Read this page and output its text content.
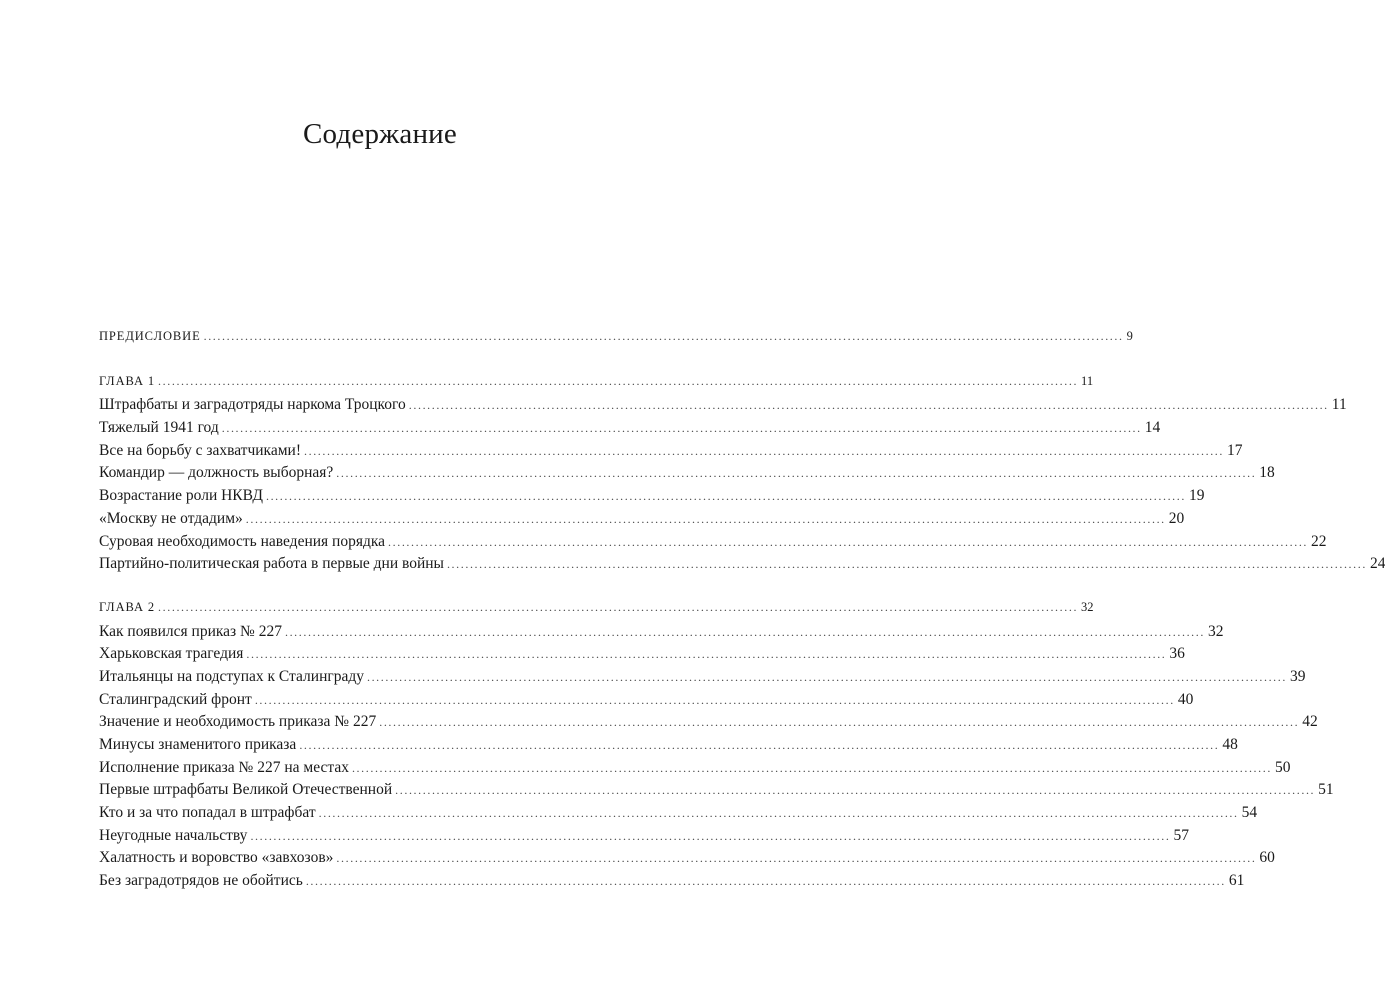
Содержание
ПРЕДИСЛОВИЕ ........................................................................................................................................................................................................ 9
ГЛАВА 1 ........................................................................................................................................................................................................ 11
Штрафбаты и заградотряды наркома Троцкого ........................................................................................................................................................................................................ 11
Тяжелый 1941 год ........................................................................................................................................................................................................ 14
Все на борьбу с захватчиками! ........................................................................................................................................................................................................ 17
Командир — должность выборная? ........................................................................................................................................................................................................ 18
Возрастание роли НКВД ........................................................................................................................................................................................................ 19
«Москву не отдадим» ........................................................................................................................................................................................................ 20
Суровая необходимость наведения порядка ........................................................................................................................................................................................................ 22
Партийно-политическая работа в первые дни войны ........................................................................................................................................................................................................ 24
ГЛАВА 2 ........................................................................................................................................................................................................ 32
Как появился приказ № 227 ........................................................................................................................................................................................................ 32
Харьковская трагедия ........................................................................................................................................................................................................ 36
Итальянцы на подступах к Сталинграду ........................................................................................................................................................................................................ 39
Сталинградский фронт ........................................................................................................................................................................................................ 40
Значение и необходимость приказа № 227 ........................................................................................................................................................................................................ 42
Минусы знаменитого приказа ........................................................................................................................................................................................................ 48
Исполнение приказа № 227 на местах ........................................................................................................................................................................................................ 50
Первые штрафбаты Великой Отечественной ........................................................................................................................................................................................................ 51
Кто и за что попадал в штрафбат ........................................................................................................................................................................................................ 54
Неугодные начальству ........................................................................................................................................................................................................ 57
Халатность и воровство «завхозов» ........................................................................................................................................................................................................ 60
Без заградотрядов не обойтись ........................................................................................................................................................................................................ 61
